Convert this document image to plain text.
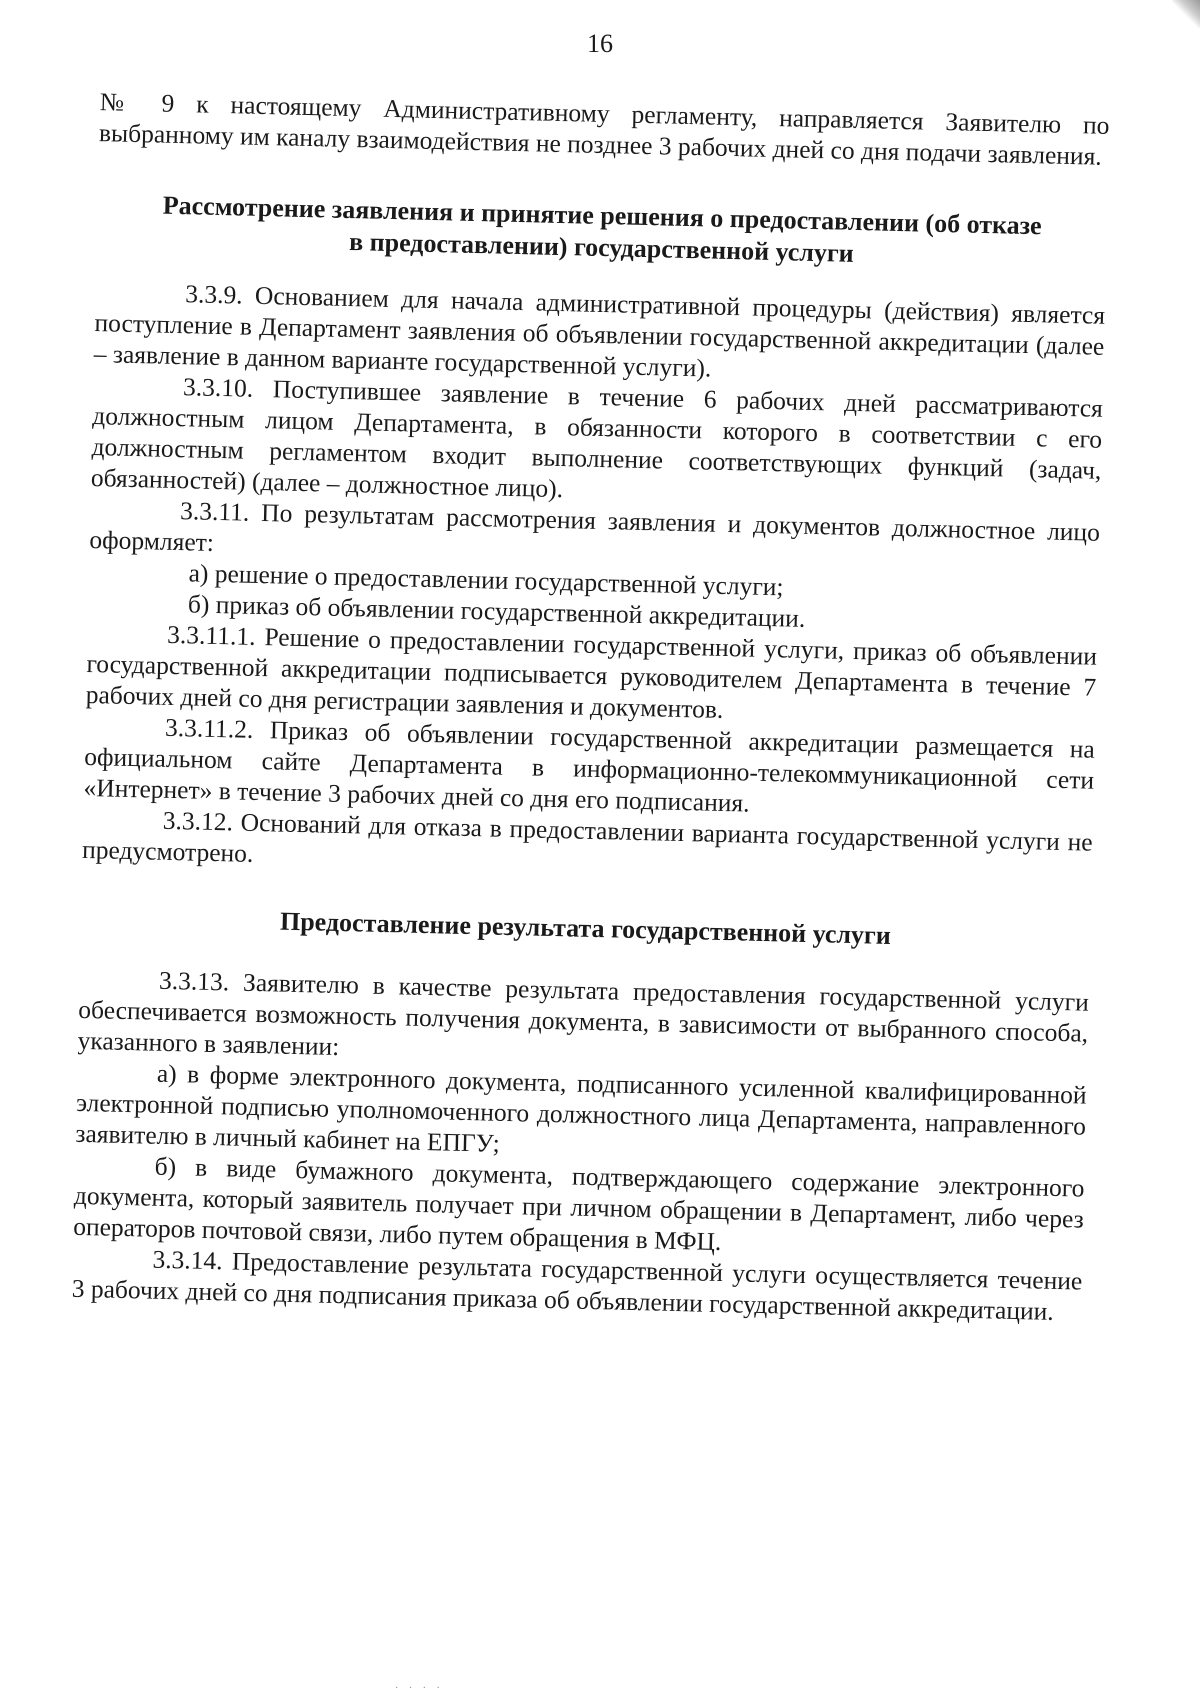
16

№ 9 к настоящему Административному регламенту, направляется Заявителю по выбранному им каналу взаимодействия не позднее 3 рабочих дней со дня подачи заявления.

Рассмотрение заявления и принятие решения о предоставлении (об отказе в предоставлении) государственной услуги

3.3.9. Основанием для начала административной процедуры (действия) является поступление в Департамент заявления об объявлении государственной аккредитации (далее – заявление в данном варианте государственной услуги).

3.3.10. Поступившее заявление в течение 6 рабочих дней рассматриваются должностным лицом Департамента, в обязанности которого в соответствии с его должностным регламентом входит выполнение соответствующих функций (задач, обязанностей) (далее – должностное лицо).

3.3.11. По результатам рассмотрения заявления и документов должностное лицо оформляет:

а) решение о предоставлении государственной услуги;

б) приказ об объявлении государственной аккредитации.

3.3.11.1. Решение о предоставлении государственной услуги, приказ об объявлении государственной аккредитации подписывается руководителем Департамента в течение 7 рабочих дней со дня регистрации заявления и документов.

3.3.11.2. Приказ об объявлении государственной аккредитации размещается на официальном сайте Департамента в информационно-телекоммуникационной сети «Интернет» в течение 3 рабочих дней со дня его подписания.

3.3.12. Оснований для отказа в предоставлении варианта государственной услуги не предусмотрено.

Предоставление результата государственной услуги

3.3.13. Заявителю в качестве результата предоставления государственной услуги обеспечивается возможность получения документа, в зависимости от выбранного способа, указанного в заявлении:

а) в форме электронного документа, подписанного усиленной квалифицированной электронной подписью уполномоченного должностного лица Департамента, направленного заявителю в личный кабинет на ЕПГУ;

б) в виде бумажного документа, подтверждающего содержание электронного документа, который заявитель получает при личном обращении в Департамент, либо через операторов почтовой связи, либо путем обращения в МФЦ.

3.3.14. Предоставление результата государственной услуги осуществляется течение 3 рабочих дней со дня подписания приказа об объявлении государственной аккредитации.

· · · ·
